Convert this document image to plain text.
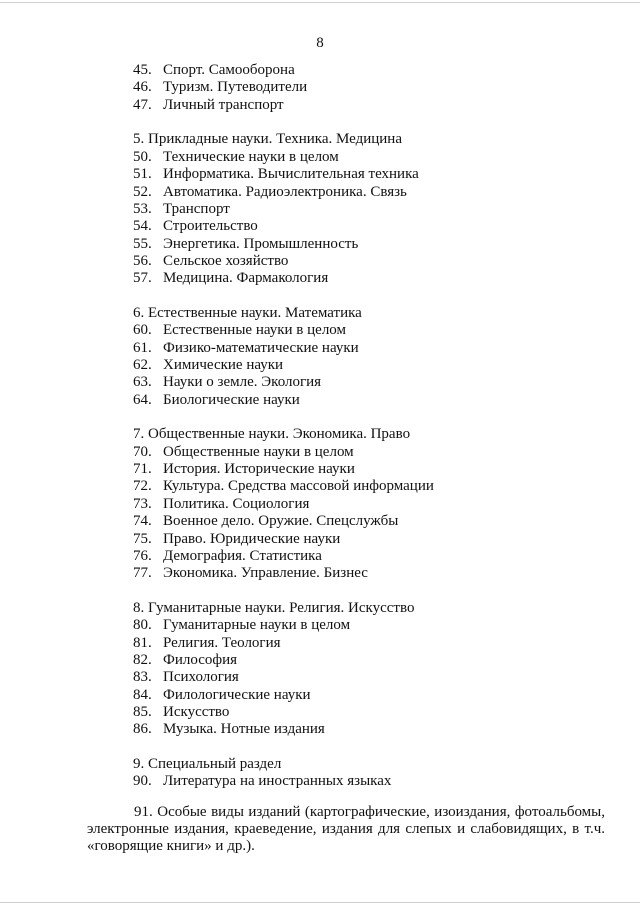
8
45. Спорт. Самооборона
46. Туризм. Путеводители
47. Личный транспорт
5. Прикладные науки. Техника. Медицина
50. Технические науки в целом
51. Информатика. Вычислительная техника
52. Автоматика. Радиоэлектроника. Связь
53. Транспорт
54. Строительство
55. Энергетика. Промышленность
56. Сельское хозяйство
57. Медицина. Фармакология
6. Естественные науки. Математика
60. Естественные науки в целом
61. Физико-математические науки
62. Химические науки
63. Науки о земле. Экология
64. Биологические науки
7. Общественные науки. Экономика. Право
70. Общественные науки в целом
71. История. Исторические науки
72. Культура. Средства массовой информации
73. Политика. Социология
74. Военное дело. Оружие. Спецслужбы
75. Право. Юридические науки
76. Демография. Статистика
77. Экономика. Управление. Бизнес
8. Гуманитарные науки. Религия. Искусство
80. Гуманитарные науки в целом
81. Религия. Теология
82. Философия
83. Психология
84. Филологические науки
85. Искусство
86. Музыка. Нотные издания
9. Специальный раздел
90. Литература на иностранных языках

91. Особые виды изданий (картографические, изоиздания, фотоальбомы, электронные издания, краеведение, издания для слепых и слабовидящих, в т.ч. «говорящие книги» и др.).
